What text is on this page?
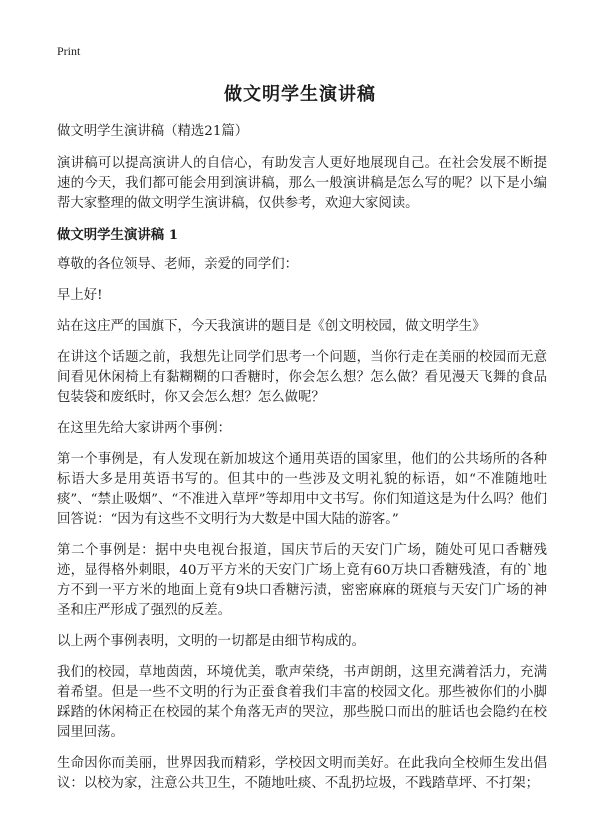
Print
做文明学生演讲稿

做文明学生演讲稿（精选21篇）

演讲稿可以提高演讲人的自信心，有助发言人更好地展现自己。在社会发展不断提速的今天，我们都可能会用到演讲稿，那么一般演讲稿是怎么写的呢？以下是小编帮大家整理的做文明学生演讲稿，仅供参考，欢迎大家阅读。

做文明学生演讲稿 1

尊敬的各位领导、老师，亲爱的同学们：

早上好!

站在这庄严的国旗下，今天我演讲的题目是《创文明校园，做文明学生》

在讲这个话题之前，我想先让同学们思考一个问题，当你行走在美丽的校园而无意间看见休闲椅上有黏糊糊的口香糖时，你会怎么想？怎么做？看见漫天飞舞的食品包装袋和废纸时，你又会怎么想？怎么做呢？

在这里先给大家讲两个事例：

第一个事例是，有人发现在新加坡这个通用英语的国家里，他们的公共场所的各种标语大多是用英语书写的。但其中的一些涉及文明礼貌的标语，如“不准随地吐痰”、“禁止吸烟”、“不准进入草坪”等却用中文书写。你们知道这是为什么吗？他们回答说：“因为有这些不文明行为大数是中国大陆的游客。”

第二个事例是：据中央电视台报道，国庆节后的天安门广场，随处可见口香糖残迹，显得格外刺眼，40万平方米的天安门广场上竟有60万块口香糖残渣，有的`地方不到一平方米的地面上竟有9块口香糖污渍，密密麻麻的斑痕与天安门广场的神圣和庄严形成了强烈的反差。

以上两个事例表明，文明的一切都是由细节构成的。

我们的校园，草地茵茵，环境优美，歌声荣绕，书声朗朗，这里充满着活力，充满着希望。但是一些不文明的行为正蚕食着我们丰富的校园文化。那些被你们的小脚踩踏的休闲椅正在校园的某个角落无声的哭泣，那些脱口而出的脏话也会隐约在校园里回荡。

生命因你而美丽，世界因我而精彩，学校因文明而美好。在此我向全校师生发出倡议：以校为家，注意公共卫生，不随地吐痰、不乱扔垃圾，不践踏草坪、不打架；
